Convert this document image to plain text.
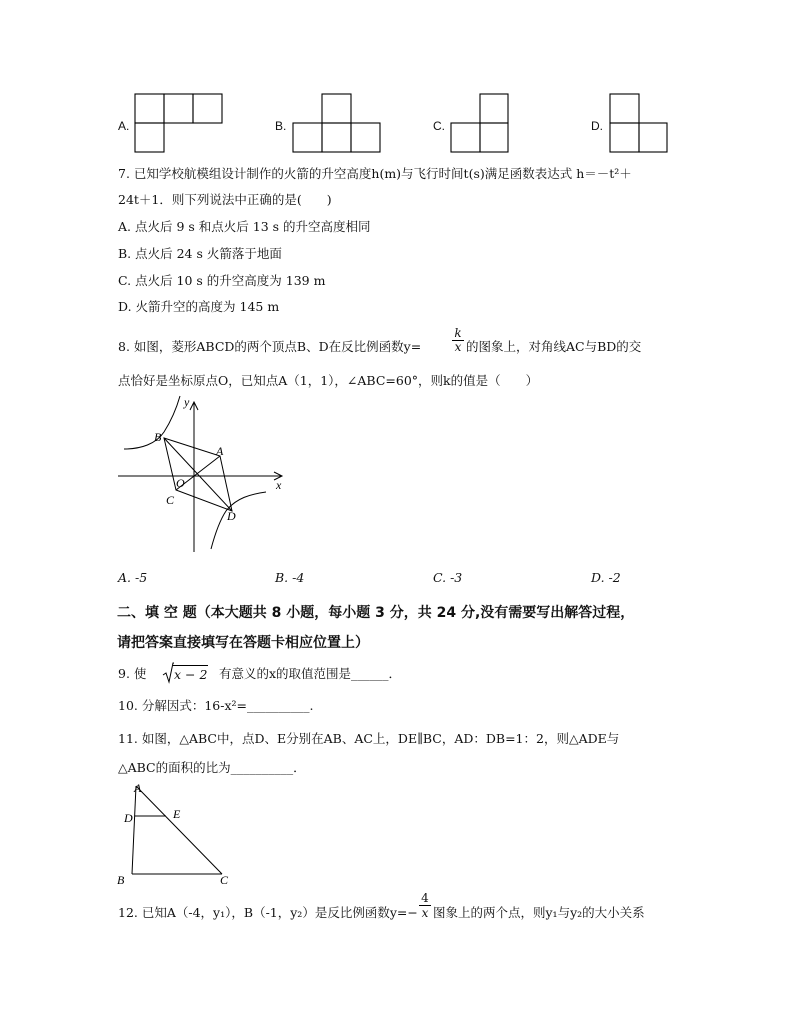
A.	B.	C.	D.
7. 已知学校航模组设计制作的火箭的升空高度h(m)与飞行时间t(s)满足函数表达式 h＝－t²＋
24t＋1．则下列说法中正确的是(　　)
A. 点火后 9 s 和点火后 13 s 的升空高度相同
B. 点火后 24 s 火箭落于地面
C. 点火后 10 s 的升空高度为 139 m
D. 火箭升空的高度为 145 m
8. 如图，菱形ABCD的两个顶点B、D在反比例函数y=	$\frac{k}{x}$ 的图象上，对角线AC与BD的交
点恰好是坐标原点O，已知点A（1，1），∠ABC=60°，则k的值是（　　）
y
x
B
A
O
C
D
A. -5	B. -4	C. -3	D. -2
二、填 空 题（本大题共 8 小题，每小题 3 分，共 24 分,没有需要写出解答过程，
请把答案直接填写在答题卡相应位置上）
9. 使 x − 2 有意义的x的取值范围是______．
10. 分解因式：16-x²=__________.
11. 如图，△ABC中，点D、E分别在AB、AC上，DE∥BC，AD：DB=1：2，则△ADE与
△ABC的面积的比为__________．
A
D	E
B	C
12. 已知A（-4，y₁），B（-1，y₂）是反比例函数$y=- \frac{4}{x}$ 图象上的两个点，则y₁与y₂的大小关系
